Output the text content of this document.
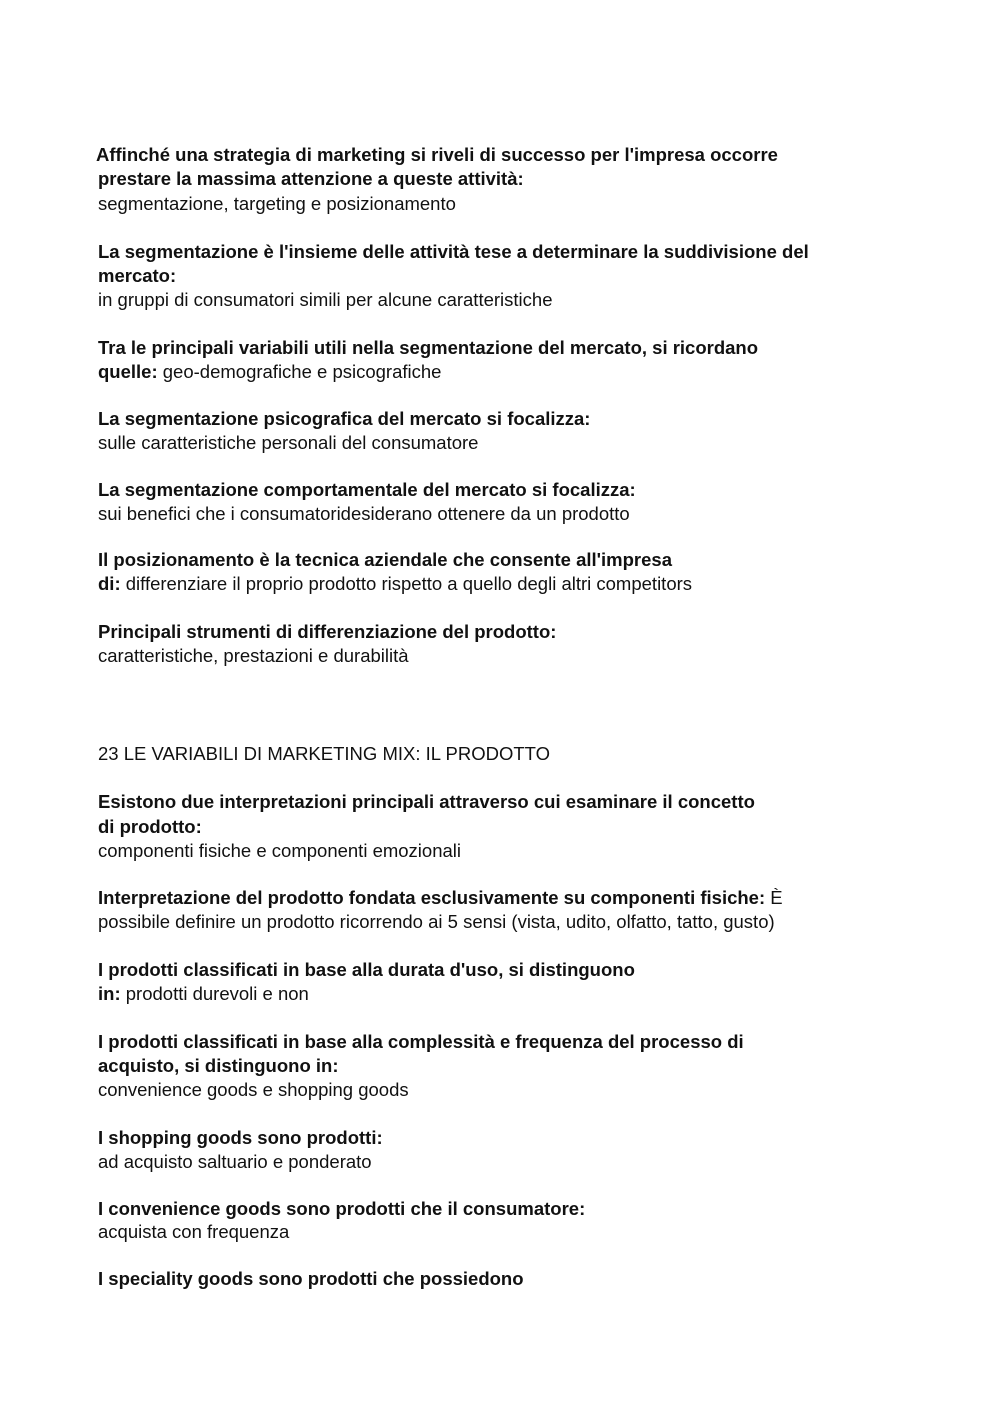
Affinché una strategia di marketing si riveli di successo per l'impresa occorre

prestare la massima attenzione a queste attività:

segmentazione, targeting e posizionamento

La segmentazione è l'insieme delle attività tese a determinare la suddivisione del

mercato:

in gruppi di consumatori simili per alcune caratteristiche

Tra le principali variabili utili nella segmentazione del mercato, si ricordano

quelle: geo-demografiche e psicografiche

La segmentazione psicografica del mercato si focalizza:

sulle caratteristiche personali del consumatore

La segmentazione comportamentale del mercato si focalizza:

sui benefici che i consumatoridesiderano ottenere da un prodotto

Il posizionamento è la tecnica aziendale che consente all'impresa

di: differenziare il proprio prodotto rispetto a quello degli altri competitors

Principali strumenti di differenziazione del prodotto:

caratteristiche, prestazioni e durabilità

23 LE VARIABILI DI MARKETING MIX: IL PRODOTTO

Esistono due interpretazioni principali attraverso cui esaminare il concetto

di prodotto:

componenti fisiche e componenti emozionali

Interpretazione del prodotto fondata esclusivamente su componenti fisiche: È

possibile definire un prodotto ricorrendo ai 5 sensi (vista, udito, olfatto, tatto, gusto)

I prodotti classificati in base alla durata d'uso, si distinguono

in: prodotti durevoli e non

I prodotti classificati in base alla complessità e frequenza del processo di

acquisto, si distinguono in:

convenience goods e shopping goods

I shopping goods sono prodotti:

ad acquisto saltuario e ponderato

I convenience goods sono prodotti che il consumatore:

acquista con frequenza

I speciality goods sono prodotti che possiedono
